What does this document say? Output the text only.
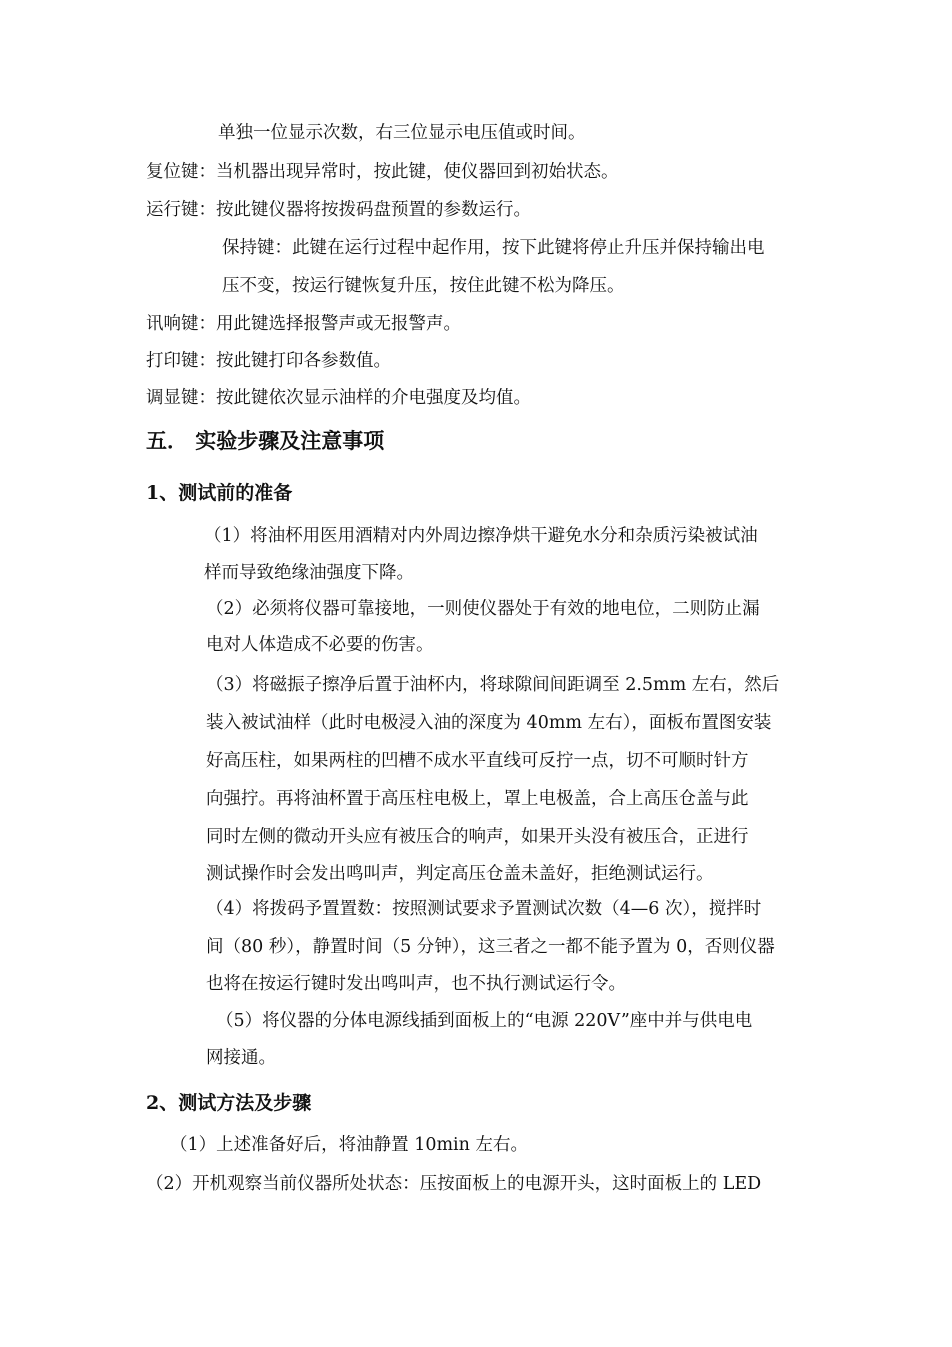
单独一位显示次数，右三位显示电压值或时间。
复位键：当机器出现异常时，按此键，使仪器回到初始状态。
运行键：按此键仪器将按拨码盘预置的参数运行。
保持键：此键在运行过程中起作用，按下此键将停止升压并保持输出电
压不变，按运行键恢复升压，按住此键不松为降压。
讯响键：用此键选择报警声或无报警声。
打印键：按此键打印各参数值。
调显键：按此键依次显示油样的介电强度及均值。
五． 实验步骤及注意事项
1、测试前的准备
（1）将油杯用医用酒精对内外周边擦净烘干避免水分和杂质污染被试油
样而导致绝缘油强度下降。
（2）必须将仪器可靠接地，一则使仪器处于有效的地电位，二则防止漏
电对人体造成不必要的伤害。
（3）将磁振子擦净后置于油杯内，将球隙间间距调至 2.5mm 左右，然后
装入被试油样（此时电极浸入油的深度为 40mm 左右），面板布置图安装
好高压柱，如果两柱的凹槽不成水平直线可反拧一点，切不可顺时针方
向强拧。再将油杯置于高压柱电极上，罩上电极盖，合上高压仓盖与此
同时左侧的微动开头应有被压合的响声，如果开头没有被压合，正进行
测试操作时会发出鸣叫声，判定高压仓盖未盖好，拒绝测试运行。
（4）将拨码予置置数：按照测试要求予置测试次数（4—6 次），搅拌时
间（80 秒），静置时间（5 分钟），这三者之一都不能予置为 0，否则仪器
也将在按运行键时发出鸣叫声，也不执行测试运行令。
（5）将仪器的分体电源线插到面板上的“电源 220V”座中并与供电电
网接通。
2、测试方法及步骤
（1）上述准备好后，将油静置 10min 左右。
（2）开机观察当前仪器所处状态：压按面板上的电源开头，这时面板上的 LED
